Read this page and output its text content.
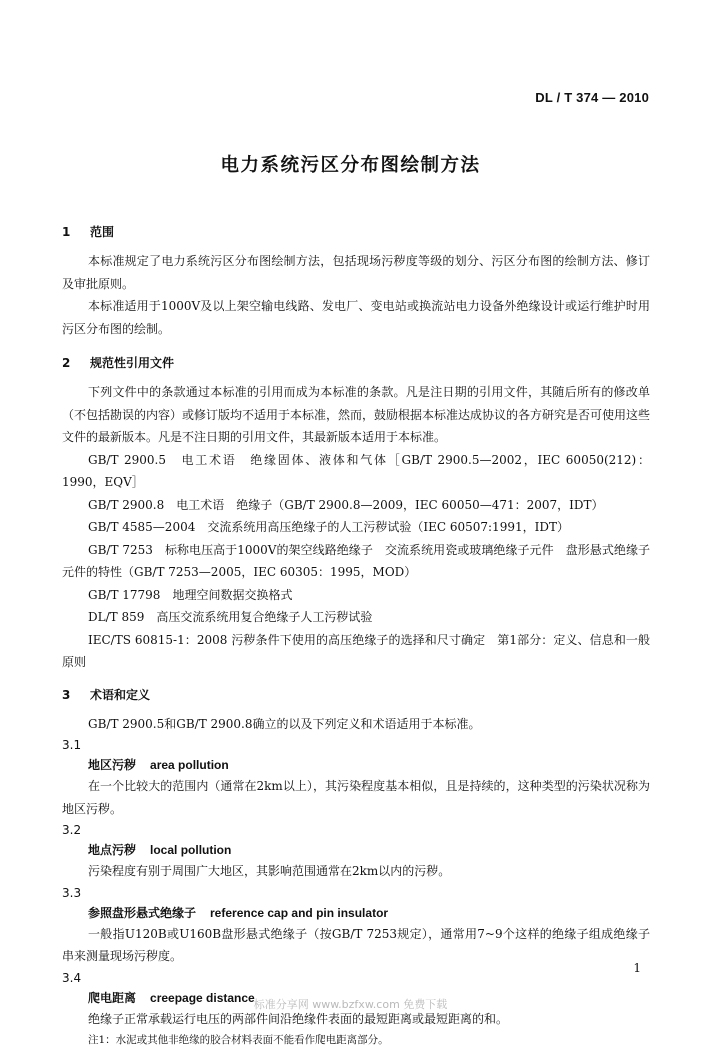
DL / T 374 — 2010
电力系统污区分布图绘制方法
1 范围

本标准规定了电力系统污区分布图绘制方法，包括现场污秽度等级的划分、污区分布图的绘制方法、修订及审批原则。

本标准适用于1000V及以上架空输电线路、发电厂、变电站或换流站电力设备外绝缘设计或运行维护时用污区分布图的绘制。

2 规范性引用文件

下列文件中的条款通过本标准的引用而成为本标准的条款。凡是注日期的引用文件，其随后所有的修改单（不包括勘误的内容）或修订版均不适用于本标准，然而，鼓励根据本标准达成协议的各方研究是否可使用这些文件的最新版本。凡是不注日期的引用文件，其最新版本适用于本标准。

GB/T 2900.5　电工术语　绝缘固体、液体和气体［GB/T 2900.5—2002，IEC 60050(212)：1990，EQV］

GB/T 2900.8　电工术语　绝缘子（GB/T 2900.8—2009，IEC 60050—471：2007，IDT）

GB/T 4585—2004　交流系统用高压绝缘子的人工污秽试验（IEC 60507:1991，IDT）

GB/T 7253　标称电压高于1000V的架空线路绝缘子　交流系统用瓷或玻璃绝缘子元件　盘形悬式绝缘子元件的特性（GB/T 7253—2005，IEC 60305：1995，MOD）

GB/T 17798　地理空间数据交换格式

DL/T 859　高压交流系统用复合绝缘子人工污秽试验

IEC/TS 60815-1：2008 污秽条件下使用的高压绝缘子的选择和尺寸确定　第1部分：定义、信息和一般原则

3 术语和定义

GB/T 2900.5和GB/T 2900.8确立的以及下列定义和术语适用于本标准。

3.1
地区污秽 area pollution

在一个比较大的范围内（通常在2km以上），其污染程度基本相似，且是持续的，这种类型的污染状况称为地区污秽。

3.2
地点污秽 local pollution

污染程度有别于周围广大地区，其影响范围通常在2km以内的污秽。

3.3
参照盘形悬式绝缘子 reference cap and pin insulator

一般指U120B或U160B盘形悬式绝缘子（按GB/T 7253规定），通常用7~9个这样的绝缘子组成绝缘子串来测量现场污秽度。

3.4
爬电距离 creepage distance

绝缘子正常承载运行电压的两部件间沿绝缘件表面的最短距离或最短距离的和。

注1：水泥或其他非绝缘的胶合材料表面不能看作爬电距离部分。
1
标准分享网 www.bzfxw.com 免费下载
